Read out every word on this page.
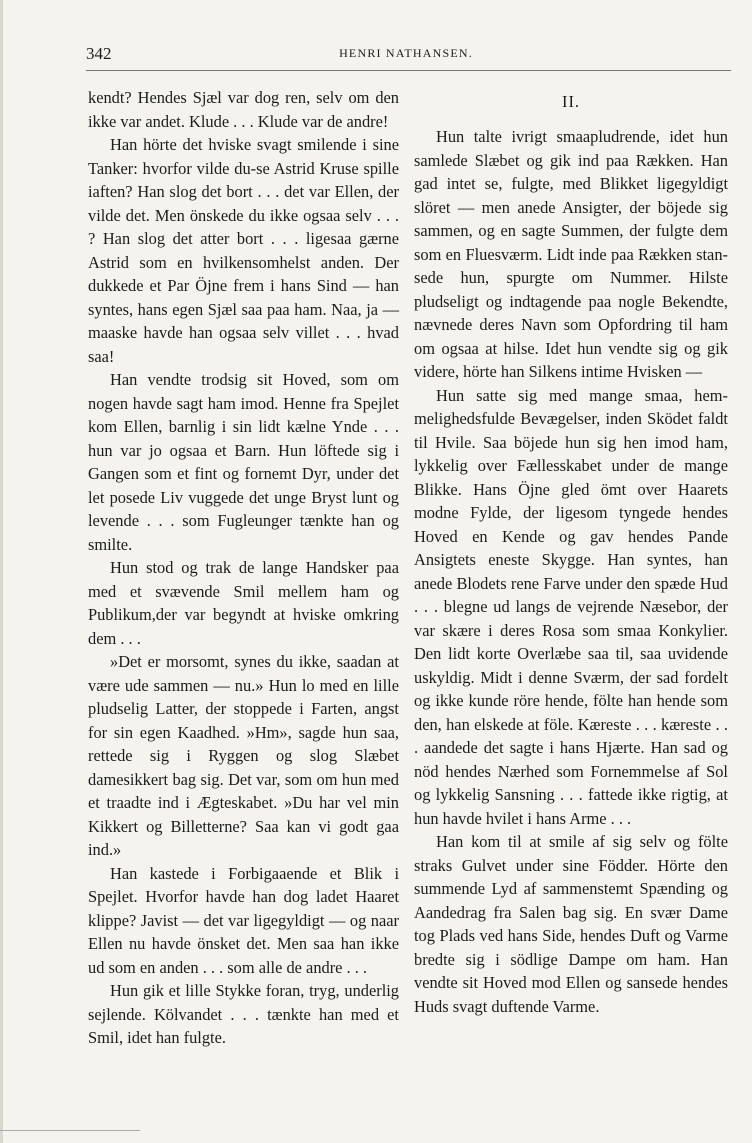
342	HENRI NATHANSEN.

kendt? Hendes Sjæl var dog ren, selv om den ikke var andet. Klude . . . Klude var de andre!

Han hörte det hviske svagt smilende i sine Tanker: hvorfor vilde du-se Astrid Kruse spille iaften? Han slog det bort . . . det var Ellen, der vilde det. Men önskede du ikke ogsaa selv . . . ? Han slog det atter bort . . . ligesaa gærne Astrid som en hvilkensomhelst anden. Der dukkede et Par Öjne frem i hans Sind — han syntes, hans egen Sjæl saa paa ham. Naa, ja — maaske havde han ogsaa selv villet . . . hvad saa!

Han vendte trodsig sit Hoved, som om nogen havde sagt ham imod. Henne fra Spejlet kom Ellen, barnlig i sin lidt kælne Ynde . . . hun var jo ogsaa et Barn. Hun löftede sig i Gangen som et fint og fornemt Dyr, under det let posede Liv vuggede det unge Bryst lunt og levende . . . som Fugleunger tænkte han og smilte.

Hun stod og trak de lange Handsker paa med et svævende Smil mellem ham og Publikum,der var begyndt at hviske omkring dem . . .

»Det er morsomt, synes du ikke, saadan at være ude sammen — nu.» Hun lo med en lille pludselig Latter, der stoppede i Farten, angst for sin egen Kaadhed. »Hm», sagde hun saa, rettede sig i Ryggen og slog Slæbet damesikkert bag sig. Det var, som om hun med et traadte ind i Ægteskabet. »Du har vel min Kikkert og Billetterne? Saa kan vi godt gaa ind.»

Han kastede i Forbigaaende et Blik i Spejlet. Hvorfor havde han dog ladet Haaret klippe? Javist — det var ligegyldigt — og naar Ellen nu havde önsket det. Men saa han ikke ud som en anden . . . som alle de andre . . .

Hun gik et lille Stykke foran, tryg, underlig sejlende. Kölvandet . . . tænkte han med et Smil, idet han fulgte.

II.

Hun talte ivrigt smaapludrende, idet hun samlede Slæbet og gik ind paa Rækken. Han gad intet se, fulgte, med Blikket ligegyldigt slöret — men anede Ansigter, der böjede sig sammen, og en sagte Summen, der fulgte dem som en Fluesværm. Lidt inde paa Rækken stansede hun, spurgte om Nummer. Hilste pludseligt og indtagende paa nogle Bekendte, nævnede deres Navn som Opfordring til ham om ogsaa at hilse. Idet hun vendte sig og gik videre, hörte han Silkens intime Hvisken —

Hun satte sig med mange smaa, hemmelighedsfulde Bevægelser, inden Sködet faldt til Hvile. Saa böjede hun sig hen imod ham, lykkelig over Fællesskabet under de mange Blikke. Hans Öjne gled ömt over Haarets modne Fylde, der ligesom tyngede hendes Hoved en Kende og gav hendes Pande Ansigtets eneste Skygge. Han syntes, han anede Blodets rene Farve under den spæde Hud . . . blegne ud langs de vejrende Næsebor, der var skære i deres Rosa som smaa Konkylier. Den lidt korte Overlæbe saa til, saa uvidende uskyldig. Midt i denne Sværm, der sad fordelt og ikke kunde röre hende, fölte han hende som den, han elskede at föle. Kæreste . . . kæreste . . . aandede det sagte i hans Hjærte. Han sad og nöd hendes Nærhed som Fornemmelse af Sol og lykkelig Sansning . . . fattede ikke rigtig, at hun havde hvilet i hans Arme . . .

Han kom til at smile af sig selv og fölte straks Gulvet under sine Födder. Hörte den summende Lyd af sammenstemt Spænding og Aandedrag fra Salen bag sig. En svær Dame tog Plads ved hans Side, hendes Duft og Varme bredte sig i södlige Dampe om ham. Han vendte sit Hoved mod Ellen og sansede hendes Huds svagt duftende Varme.
